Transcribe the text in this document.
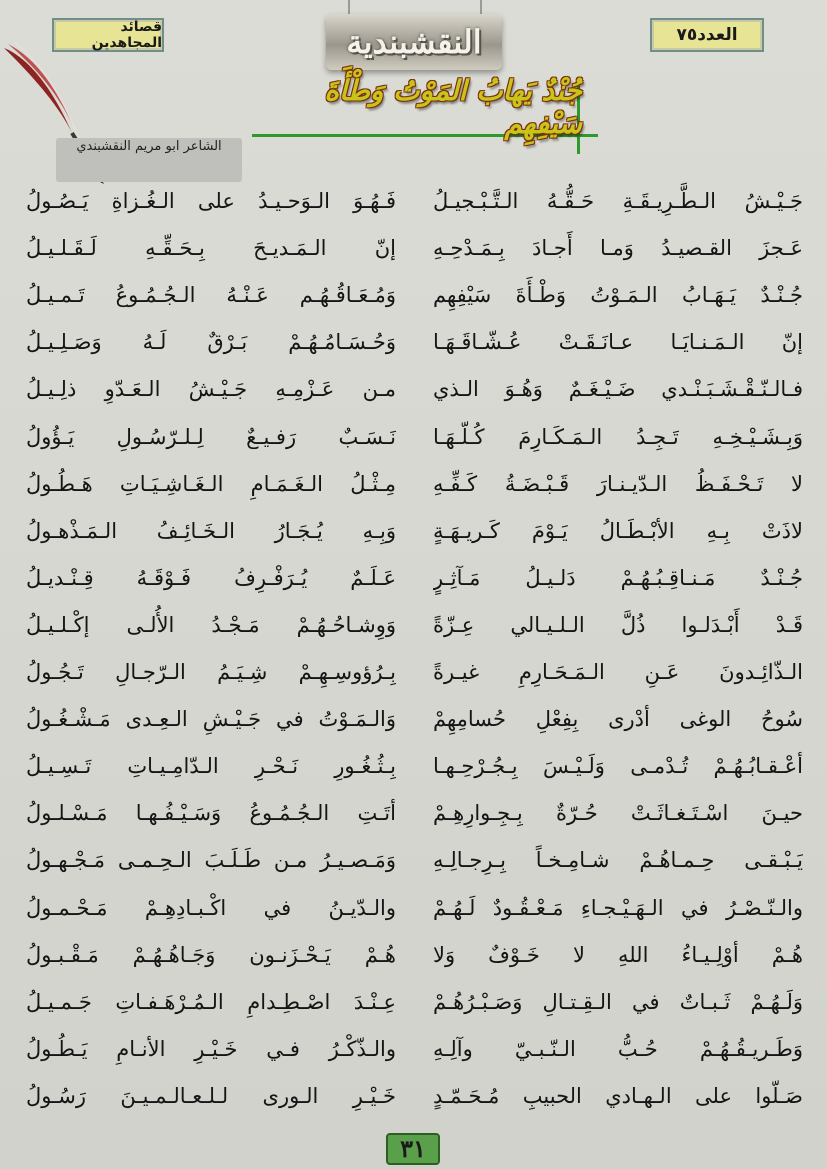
قصائد المجاهدين	النقشبندية	العدد٧٥
جُنْدٌ يَهابُ المَوْتُ وَطْأَةَ سَيْفِهِم
الشاعر ابو مريم النقشبندي
جَـيْـشُ الـطَّـرِيـقَـةِ حَـقُّـهُ الـتَّـبْـجيـلُ
فَـهُـوَ الـوَحـيـدُ على الـغُـزاةِ يَـصُـولُ
عَـجزَ القـصيـدُ وَمـا أَجـادَ بِـمَـدْحِـهِ
إنّ الـمَـديـحَ بِـحَـقِّـهِ لَـقَـلـيـلُ
جُـنْـدٌ يَـهَـابُ الـمَـوْتُ وَطْـأَةَ سَيْفِهِم
وَمُـعَـاقُـهُـم عَـنْـهُ الـجُـمُـوعُ تَـمـيـلُ
إنّ الـمَـنـايَـا عـانَـقَـتْ عُـشّـاقَـهَـا
وَحُـسَـامُـهُـمْ بَـرْقٌ لَـهُ وَصَـلِـيـلُ
فـالـنّـقْـشَـبَـنْـدي ضَـيْـغَـمٌ وَهُـوَ الـذي
مـن عَـزْمِـهِ جَـيْـشُ الـعَـدّوِ ذلِـيـلُ
وَبِـشَـيْـخِـهِ تَـجِـدُ الـمَـكَـارِمَ كُـلّـهَـا
نَـسَـبٌ رَفـيـعٌ لِـلـرّسُـولِ يَـؤُولُ
لا تَـحْـفَـظُ الـدّيـنـارَ قَـبْـضَـةُ كَـفِّـهِ
مِـثْـلُ الـغَـمَـامِ الـغَـاشِـيَـاتِ هَـطُـولُ
لاذَتْ بِـهِ الأبْـطَـالُ يَـوْمَ كَـريـهَـةٍ
وَبِـهِ يُـجَـارُ الـخَـائِـفُ الـمَـذْهـولُ
جُـنْـدٌ مَـنـاقِـبُـهُـمْ دَلـيـلُ مَـآثِـرٍ
عَـلَـمٌ يُـرَفْـرِفُ فَـوْقَـهُ قِـنْـديـلُ
قَـدْ أَبْـدَلـوا ذُلَّ الـلـيـالي عِـزّةً
وَوِشـاحُـهُـمْ مَـجْـدُ الأُلـى إكْـلـيـلُ
الـذّائِـدونَ عَـنِ الـمَـحَـارِمِ غيـرةً
بِـرُؤوسِـهِـمْ شِـيَـمُ الـرّجـالِ تَـجُـولُ
سُوحُ الوغى أدْرى بِفِعْلِ حُسامِهِمْ
وَالـمَـوْتُ في جَـيْـشِ الـعِـدى مَـشْـغُـولُ
أعْـقـابُـهُـمْ تُـدْمـى وَلَـيْـسَ بِـجُـرْحِـهـا
بِـثُـغُـورِ نَـحْـرِ الـدّامِـيـاتِ تَـسِـيـلُ
حيـنَ اسْـتَـغـاثَـتْ حُـرّةٌ بِـجِـوارِهِـمْ
أتَـتِ الـجُـمُـوعُ وَسَـيْـفُـهـا مَـسْـلـولُ
يَـبْـقـى حِـمـاهُـمْ شـامِـخـاً بِـرِجـالِـهِ
وَمَـصـيـرُ مـن طَـلَـبَ الـحِـمـى مَـجْـهـولُ
والـنّـصْـرُ في الـهَـيْـجـاءِ مَـعْـقُـودٌ لَـهُـمْ
والـدّيـنُ في اكْـبـادِهِـمْ مَـحْـمـولُ
هُـمْ أوْلِـيـاءُ اللهِ لا خَـوْفٌ وَلا
هُـمْ يَـحْـزَنـون وَجَـاهُـهُـمْ مَـقْـبـولُ
وَلَـهُـمْ ثَـبـاتٌ في الـقِـتـالِ وَصَـبْـرُهُـمْ
عِـنْـدَ اصْـطِـدامِ الـمُـرْهَـفـاتِ جَـمـيـلُ
وَطَـريـقُـهُـمْ حُـبُّ الـنّـبـيّ وآلِـهِ
والـذّكْـرُ فـي خَـيْـرِ الأنـامِ يَـطُـولُ
صَـلّوا على الـهـادي الحبيبِ مُـحَـمّـدٍ
خَـيْـرِ الـورى لـلـعـالـمـيـنَ رَسُـولُ
٣١
